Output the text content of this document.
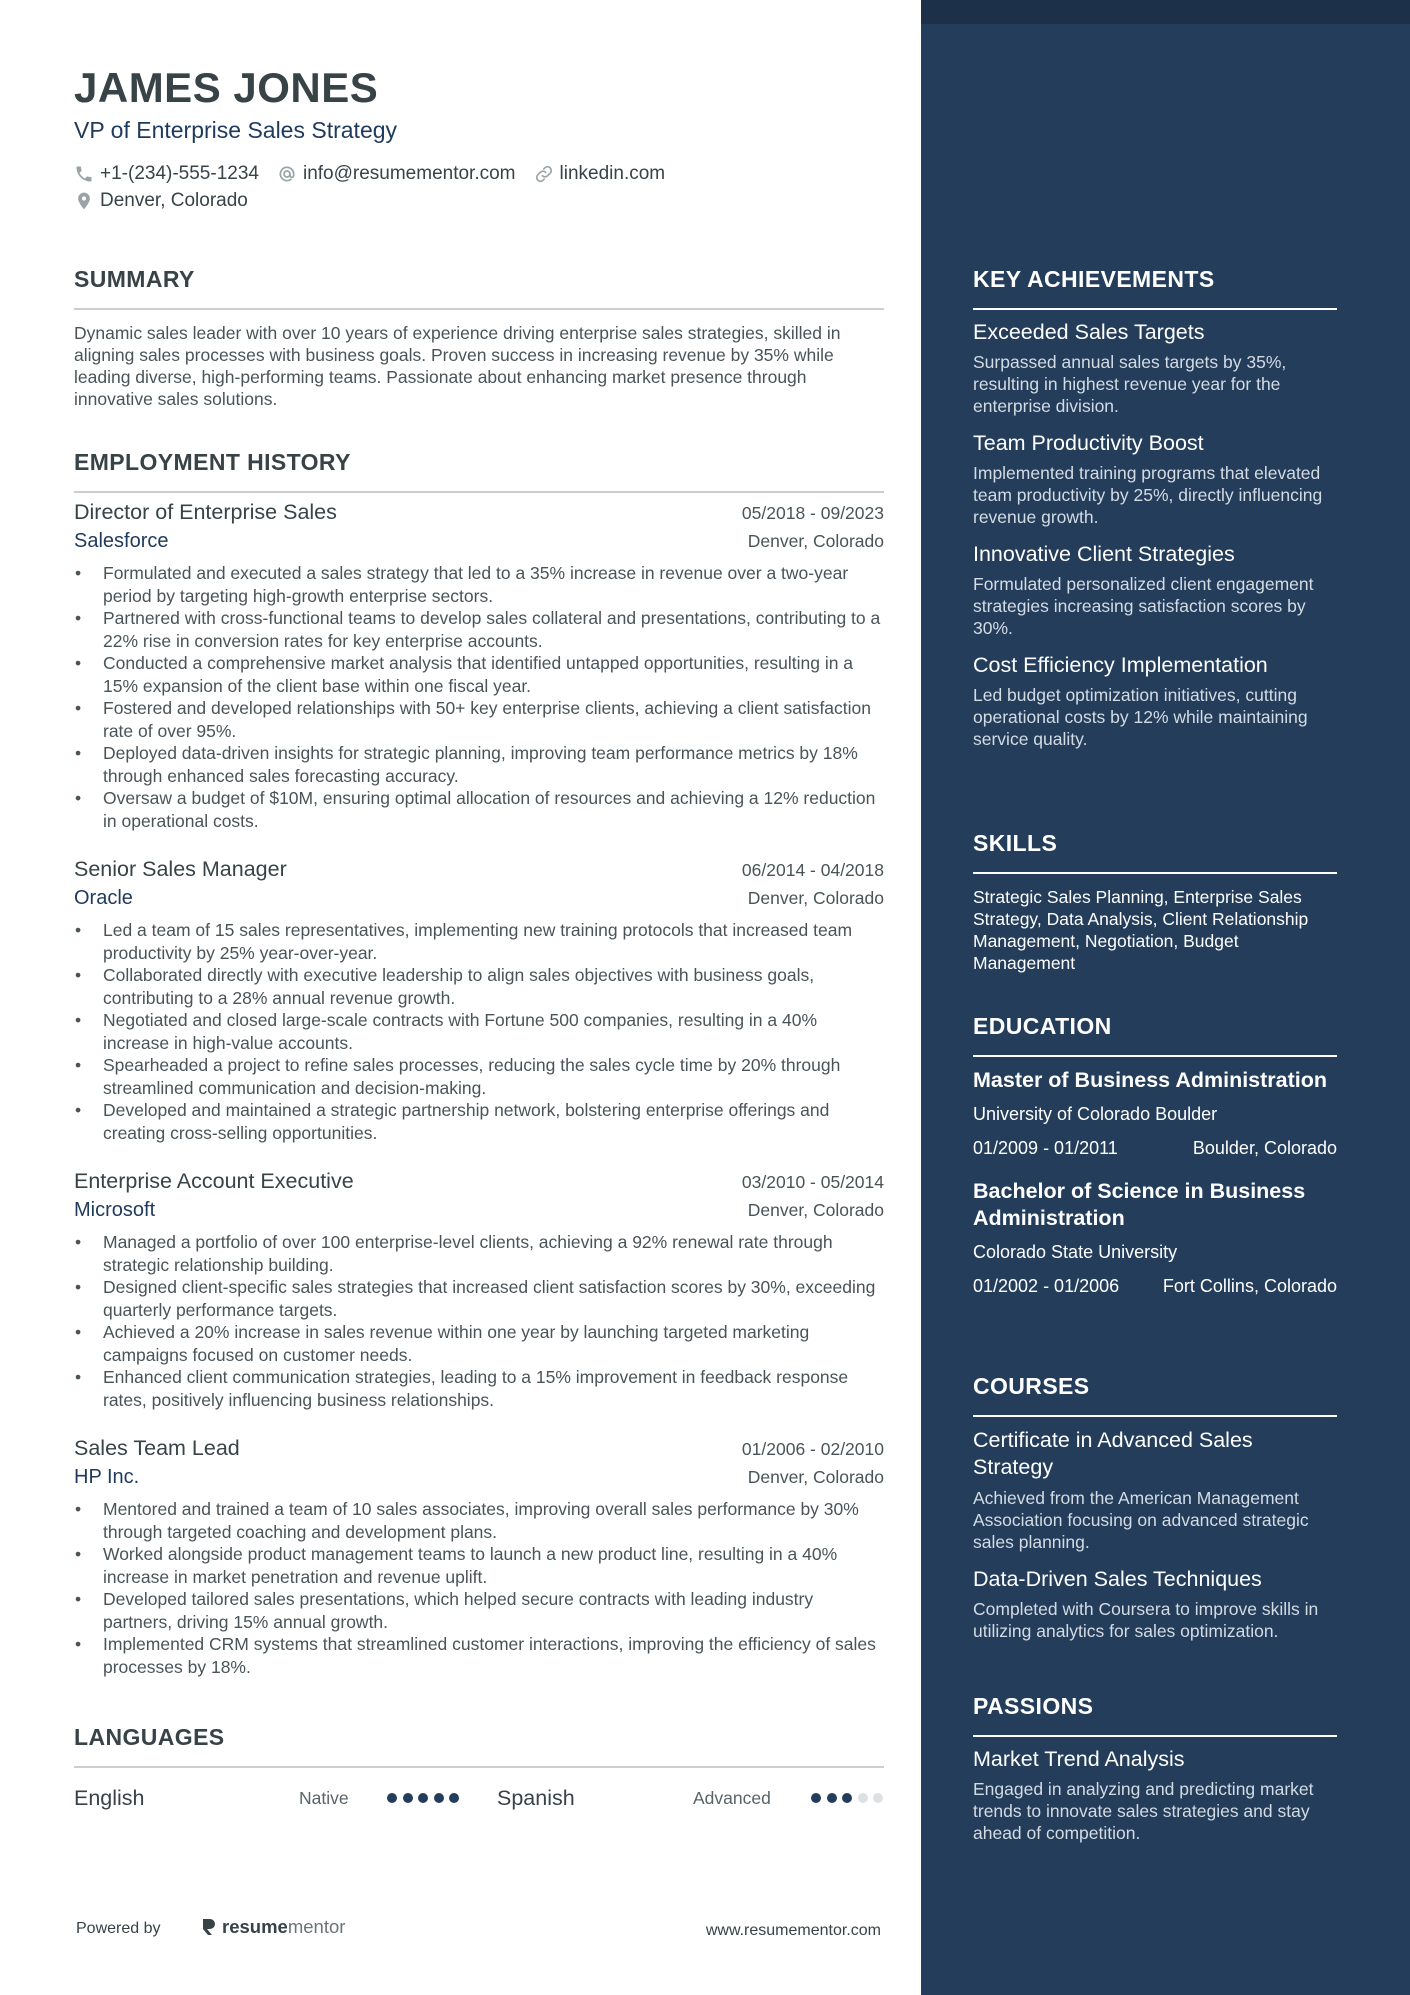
JAMES JONES
VP of Enterprise Sales Strategy
+1-(234)-555-1234 info@resumementor.com linkedin.com
Denver, Colorado
SUMMARY
Dynamic sales leader with over 10 years of experience driving enterprise sales strategies, skilled in aligning sales processes with business goals. Proven success in increasing revenue by 35% while leading diverse, high-performing teams. Passionate about enhancing market presence through innovative sales solutions.
EMPLOYMENT HISTORY
Director of Enterprise Sales	05/2018 - 09/2023
Salesforce	Denver, Colorado
• Formulated and executed a sales strategy that led to a 35% increase in revenue over a two-year period by targeting high-growth enterprise sectors.
• Partnered with cross-functional teams to develop sales collateral and presentations, contributing to a 22% rise in conversion rates for key enterprise accounts.
• Conducted a comprehensive market analysis that identified untapped opportunities, resulting in a 15% expansion of the client base within one fiscal year.
• Fostered and developed relationships with 50+ key enterprise clients, achieving a client satisfaction rate of over 95%.
• Deployed data-driven insights for strategic planning, improving team performance metrics by 18% through enhanced sales forecasting accuracy.
• Oversaw a budget of $10M, ensuring optimal allocation of resources and achieving a 12% reduction in operational costs.
Senior Sales Manager	06/2014 - 04/2018
Oracle	Denver, Colorado
• Led a team of 15 sales representatives, implementing new training protocols that increased team productivity by 25% year-over-year.
• Collaborated directly with executive leadership to align sales objectives with business goals, contributing to a 28% annual revenue growth.
• Negotiated and closed large-scale contracts with Fortune 500 companies, resulting in a 40% increase in high-value accounts.
• Spearheaded a project to refine sales processes, reducing the sales cycle time by 20% through streamlined communication and decision-making.
• Developed and maintained a strategic partnership network, bolstering enterprise offerings and creating cross-selling opportunities.
Enterprise Account Executive	03/2010 - 05/2014
Microsoft	Denver, Colorado
• Managed a portfolio of over 100 enterprise-level clients, achieving a 92% renewal rate through strategic relationship building.
• Designed client-specific sales strategies that increased client satisfaction scores by 30%, exceeding quarterly performance targets.
• Achieved a 20% increase in sales revenue within one year by launching targeted marketing campaigns focused on customer needs.
• Enhanced client communication strategies, leading to a 15% improvement in feedback response rates, positively influencing business relationships.
Sales Team Lead	01/2006 - 02/2010
HP Inc.	Denver, Colorado
• Mentored and trained a team of 10 sales associates, improving overall sales performance by 30% through targeted coaching and development plans.
• Worked alongside product management teams to launch a new product line, resulting in a 40% increase in market penetration and revenue uplift.
• Developed tailored sales presentations, which helped secure contracts with leading industry partners, driving 15% annual growth.
• Implemented CRM systems that streamlined customer interactions, improving the efficiency of sales processes by 18%.
LANGUAGES
English	Native	Spanish	Advanced
Powered by	resume mentor	www.resumementor.com
KEY ACHIEVEMENTS
Exceeded Sales Targets
Surpassed annual sales targets by 35%, resulting in highest revenue year for the enterprise division.
Team Productivity Boost
Implemented training programs that elevated team productivity by 25%, directly influencing revenue growth.
Innovative Client Strategies
Formulated personalized client engagement strategies increasing satisfaction scores by 30%.
Cost Efficiency Implementation
Led budget optimization initiatives, cutting operational costs by 12% while maintaining service quality.
SKILLS
Strategic Sales Planning, Enterprise Sales Strategy, Data Analysis, Client Relationship Management, Negotiation, Budget Management
EDUCATION
Master of Business Administration
University of Colorado Boulder
01/2009 - 01/2011	Boulder, Colorado
Bachelor of Science in Business Administration
Colorado State University
01/2002 - 01/2006 Fort Collins, Colorado
COURSES
Certificate in Advanced Sales Strategy
Achieved from the American Management Association focusing on advanced strategic sales planning.
Data-Driven Sales Techniques
Completed with Coursera to improve skills in utilizing analytics for sales optimization.
PASSIONS
Market Trend Analysis
Engaged in analyzing and predicting market trends to innovate sales strategies and stay ahead of competition.
